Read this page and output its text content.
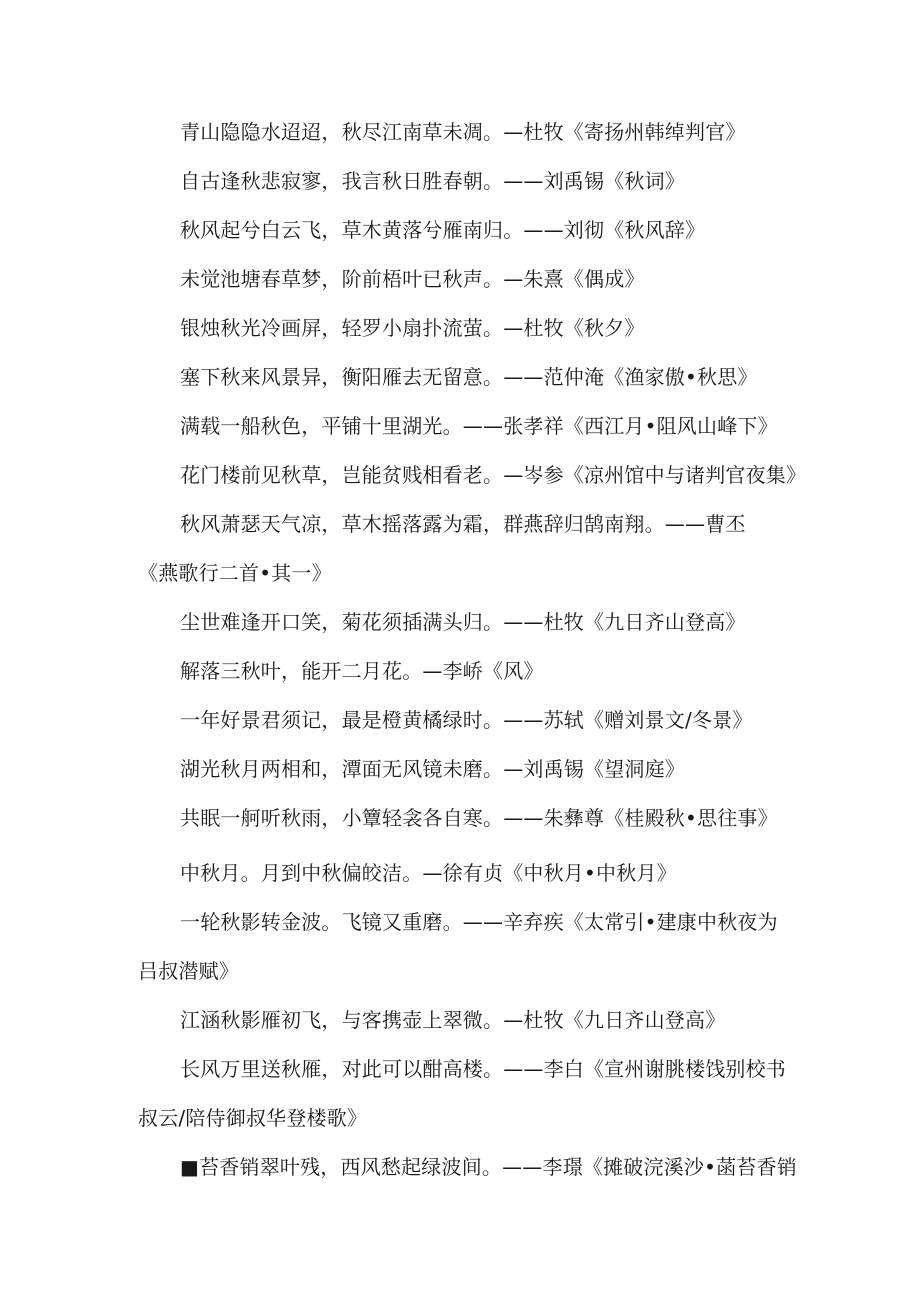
青山隐隐水迢迢，秋尽江南草未凋。—杜牧《寄扬州韩绰判官》
自古逢秋悲寂寥，我言秋日胜春朝。——刘禹锡《秋词》
秋风起兮白云飞，草木黄落兮雁南归。——刘彻《秋风辞》
未觉池塘春草梦，阶前梧叶已秋声。—朱熹《偶成》
银烛秋光冷画屏，轻罗小扇扑流萤。—杜牧《秋夕》
塞下秋来风景异，衡阳雁去无留意。——范仲淹《渔家傲•秋思》
满载一船秋色，平铺十里湖光。——张孝祥《西江月•阻风山峰下》
花门楼前见秋草，岂能贫贱相看老。—岑参《凉州馆中与诸判官夜集》
秋风萧瑟天气凉，草木摇落露为霜，群燕辞归鹄南翔。——曹丕
《燕歌行二首•其一》
尘世难逢开口笑，菊花须插满头归。——杜牧《九日齐山登高》
解落三秋叶，能开二月花。—李峤《风》
一年好景君须记，最是橙黄橘绿时。——苏轼《赠刘景文/冬景》
湖光秋月两相和，潭面无风镜未磨。—刘禹锡《望洞庭》
共眠一舸听秋雨，小簟轻衾各自寒。——朱彝尊《桂殿秋•思往事》
中秋月。月到中秋偏皎洁。—徐有贞《中秋月•中秋月》
一轮秋影转金波。飞镜又重磨。——辛弃疾《太常引•建康中秋夜为
吕叔潜赋》
江涵秋影雁初飞，与客携壶上翠微。—杜牧《九日齐山登高》
长风万里送秋雁，对此可以酣高楼。——李白《宣州谢朓楼饯别校书
叔云/陪侍御叔华登楼歌》
■苔香销翠叶残，西风愁起绿波间。——李璟《摊破浣溪沙•菡苔香销
